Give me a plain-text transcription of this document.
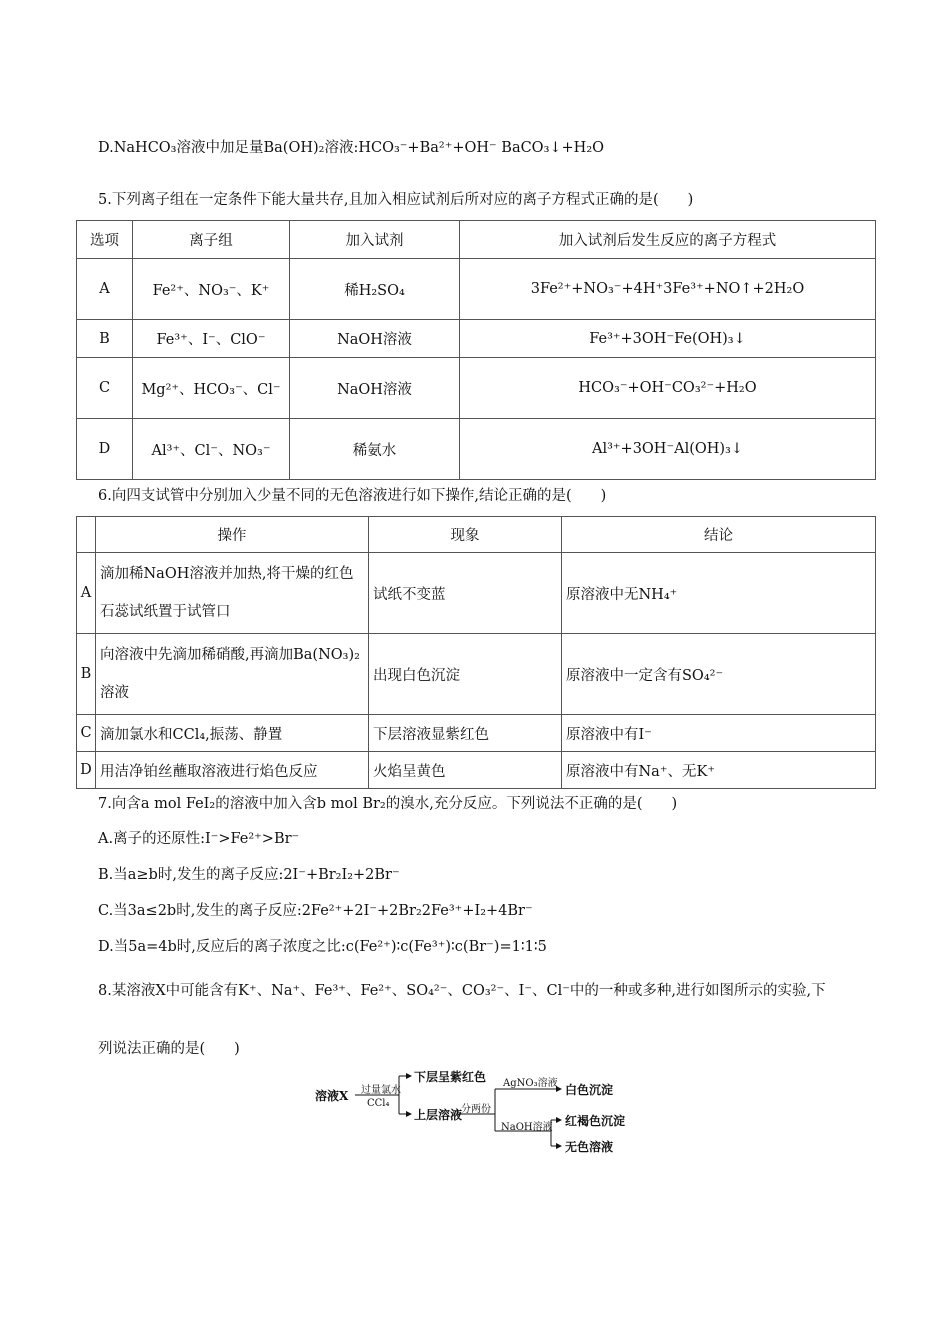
D.NaHCO₃溶液中加足量Ba(OH)₂溶液:HCO₃⁻+Ba²⁺+OH⁻ BaCO₃↓+H₂O
5.下列离子组在一定条件下能大量共存,且加入相应试剂后所对应的离子方程式正确的是(　　)
选项	离子组	加入试剂	加入试剂后发生反应的离子方程式
A	Fe²⁺、NO₃⁻、K⁺	稀H₂SO₄	3Fe²⁺+NO₃⁻+4H⁺3Fe³⁺+NO↑+2H₂O
B	Fe³⁺、I⁻、ClO⁻	NaOH溶液	Fe³⁺+3OH⁻Fe(OH)₃↓
C	Mg²⁺、HCO₃⁻、Cl⁻	NaOH溶液	HCO₃⁻+OH⁻CO₃²⁻+H₂O
D	Al³⁺、Cl⁻、NO₃⁻	稀氨水	Al³⁺+3OH⁻Al(OH)₃↓
6.向四支试管中分别加入少量不同的无色溶液进行如下操作,结论正确的是(　　)
	操作	现象	结论
A	滴加稀NaOH溶液并加热,将干燥的红色石蕊试纸置于试管口	试纸不变蓝	原溶液中无NH₄⁺
B	向溶液中先滴加稀硝酸,再滴加Ba(NO₃)₂溶液	出现白色沉淀	原溶液中一定含有SO₄²⁻
C	滴加氯水和CCl₄,振荡、静置	下层溶液显紫红色	原溶液中有I⁻
D	用洁净铂丝蘸取溶液进行焰色反应	火焰呈黄色	原溶液中有Na⁺、无K⁺
7.向含a mol FeI₂的溶液中加入含b mol Br₂的溴水,充分反应。下列说法不正确的是(　　)
A.离子的还原性:I⁻>Fe²⁺>Br⁻
B.当a≥b时,发生的离子反应:2I⁻+Br₂I₂+2Br⁻
C.当3a≤2b时,发生的离子反应:2Fe²⁺+2I⁻+2Br₂2Fe³⁺+I₂+4Br⁻
D.当5a=4b时,反应后的离子浓度之比:c(Fe²⁺)∶c(Fe³⁺)∶c(Br⁻)=1∶1∶5
8.某溶液X中可能含有K⁺、Na⁺、Fe³⁺、Fe²⁺、SO₄²⁻、CO₃²⁻、I⁻、Cl⁻中的一种或多种,进行如图所示的实验,下
列说法正确的是(　　)
溶液X 过量氯水
CCl₄
下层呈紫红色
上层溶液
分两份
AgNO₃溶液 白色沉淀
NaOH溶液 红褐色沉淀
无色溶液
